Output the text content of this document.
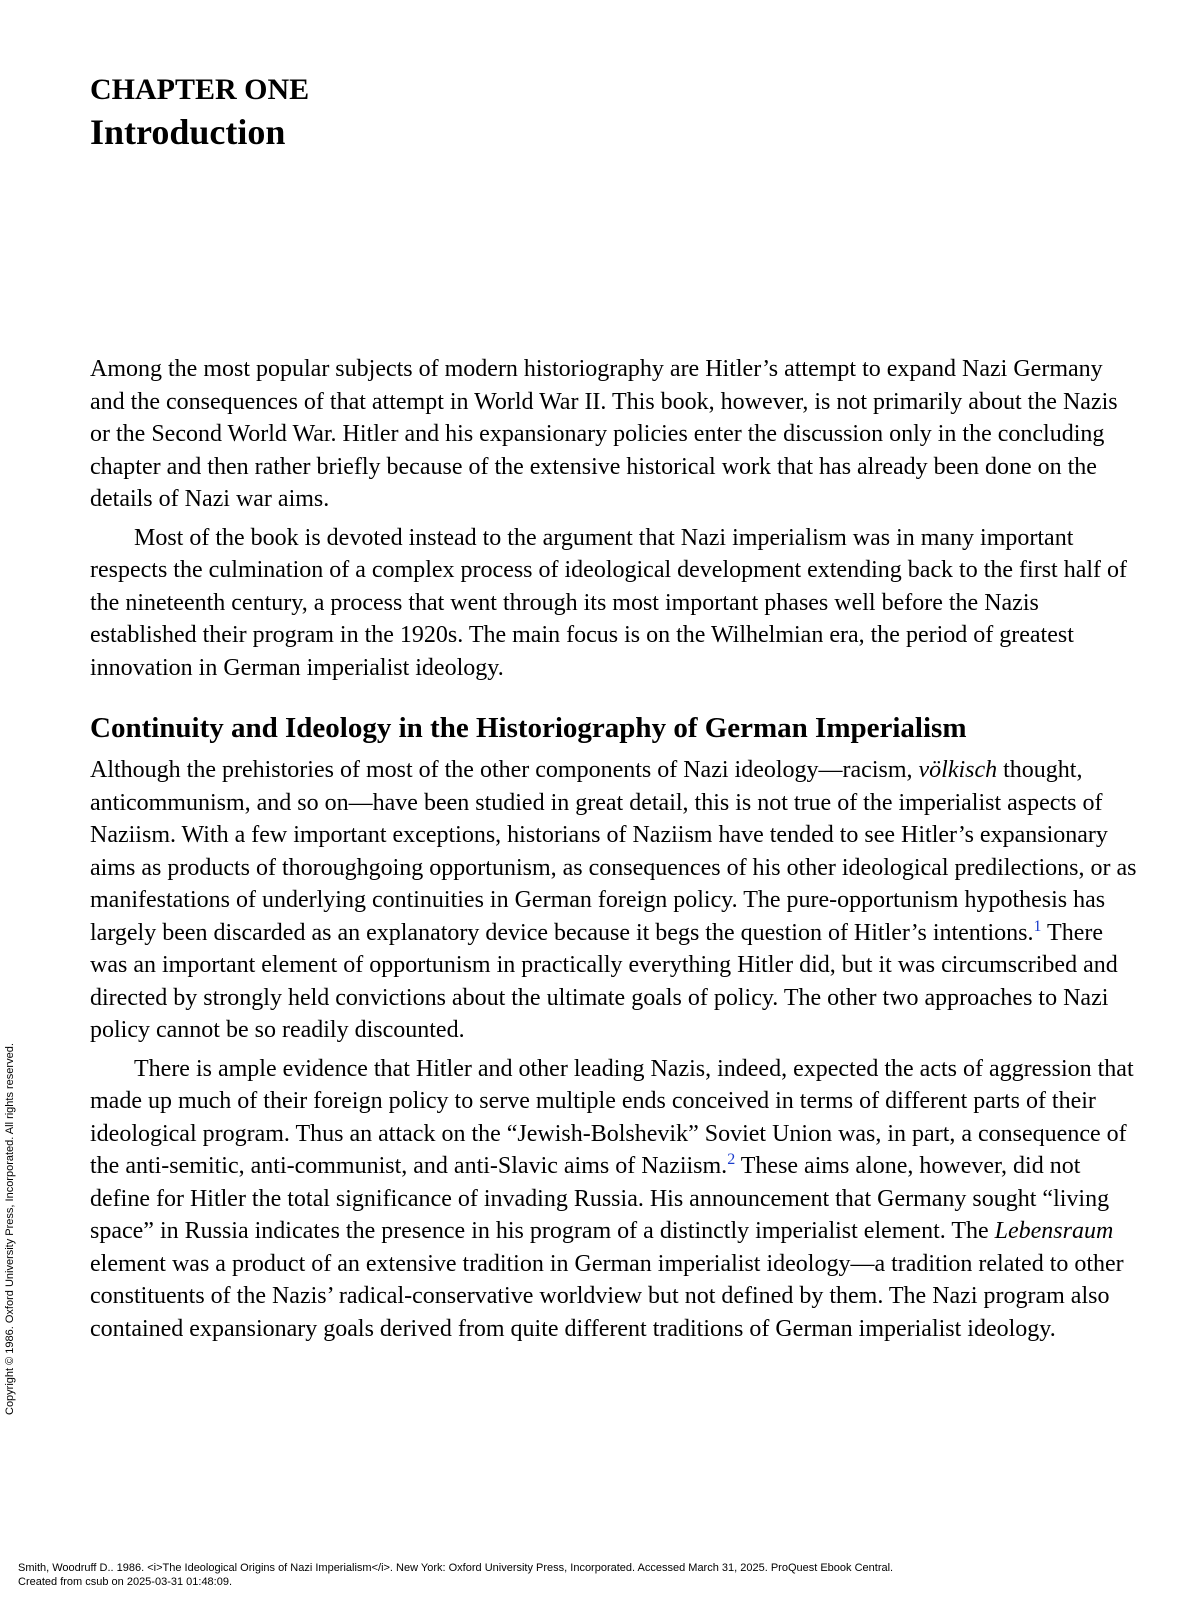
CHAPTER ONE
Introduction

Among the most popular subjects of modern historiography are Hitler’s attempt to expand Nazi Germany and the consequences of that attempt in World War II. This book, however, is not primarily about the Nazis or the Second World War. Hitler and his expansionary policies enter the discussion only in the concluding chapter and then rather briefly because of the extensive historical work that has already been done on the details of Nazi war aims.

Most of the book is devoted instead to the argument that Nazi imperialism was in many important respects the culmination of a complex process of ideological development extending back to the first half of the nineteenth century, a process that went through its most important phases well before the Nazis established their program in the 1920s. The main focus is on the Wilhelmian era, the period of greatest innovation in German imperialist ideology.

Continuity and Ideology in the Historiography of German Imperialism

Although the prehistories of most of the other components of Nazi ideology—racism, völkisch thought, anticommunism, and so on—have been studied in great detail, this is not true of the imperialist aspects of Naziism. With a few important exceptions, historians of Naziism have tended to see Hitler’s expansionary aims as products of thoroughgoing opportunism, as consequences of his other ideological predilections, or as manifestations of underlying continuities in German foreign policy. The pure-opportunism hypothesis has largely been discarded as an explanatory device because it begs the question of Hitler’s intentions.$^1$ There was an important element of opportunism in practically everything Hitler did, but it was circumscribed and directed by strongly held convictions about the ultimate goals of policy. The other two approaches to Nazi policy cannot be so readily discounted.

There is ample evidence that Hitler and other leading Nazis, indeed, expected the acts of aggression that made up much of their foreign policy to serve multiple ends conceived in terms of different parts of their ideological program. Thus an attack on the “Jewish-Bolshevik” Soviet Union was, in part, a consequence of the anti-semitic, anti-communist, and anti-Slavic aims of Naziism.$^2$ These aims alone, however, did not define for Hitler the total significance of invading Russia. His announcement that Germany sought “living space” in Russia indicates the presence in his program of a distinctly imperialist element. The Lebensraum element was a product of an extensive tradition in German imperialist ideology—a tradition related to other constituents of the Nazis’ radical-conservative worldview but not defined by them. The Nazi program also contained expansionary goals derived from quite different traditions of German imperialist ideology.

Copyright © 1986. Oxford University Press, Incorporated. All rights reserved.
Smith, Woodruff D.. 1986. <i>The Ideological Origins of Nazi Imperialism</i>. New York: Oxford University Press, Incorporated. Accessed March 31, 2025. ProQuest Ebook Central.
Created from csub on 2025-03-31 01:48:09.
